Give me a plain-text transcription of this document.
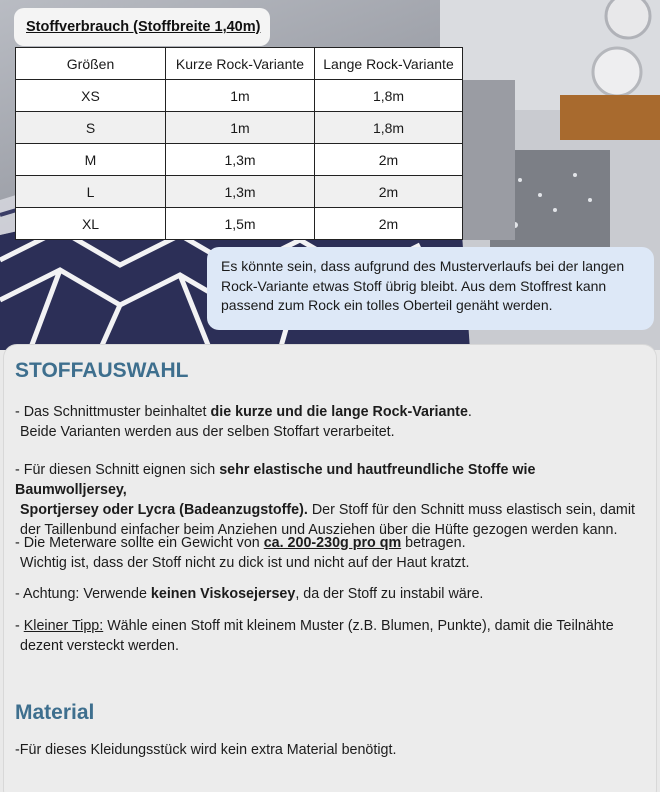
Stoffverbrauch (Stoffbreite 1,40m)
Größen	Kurze Rock-Variante	Lange Rock-Variante
XS	1m	1,8m
S	1m	1,8m
M	1,3m	2m
L	1,3m	2m
XL	1,5m	2m
Es könnte sein, dass aufgrund des Musterverlaufs bei der langen Rock-Variante etwas Stoff übrig bleibt. Aus dem Stoffrest kann passend zum Rock ein tolles Oberteil genäht werden.
STOFFAUSWAHL

- Das Schnittmuster beinhaltet die kurze und die lange Rock-Variante.
Beide Varianten werden aus der selben Stoffart verarbeitet.

- Für diesen Schnitt eignen sich sehr elastische und hautfreundliche Stoffe wie Baumwolljersey,
Sportjersey oder Lycra (Badeanzugstoffe). Der Stoff für den Schnitt muss elastisch sein, damit
der Taillenbund einfacher beim Anziehen und Ausziehen über die Hüfte gezogen werden kann.

- Die Meterware sollte ein Gewicht von ca. 200-230g pro qm betragen.
Wichtig ist, dass der Stoff nicht zu dick ist und nicht auf der Haut kratzt.

- Achtung: Verwende keinen Viskosejersey, da der Stoff zu instabil wäre.

- Kleiner Tipp: Wähle einen Stoff mit kleinem Muster (z.B. Blumen, Punkte), damit die Teilnähte
dezent versteckt werden.

Material

-Für dieses Kleidungsstück wird kein extra Material benötigt.
